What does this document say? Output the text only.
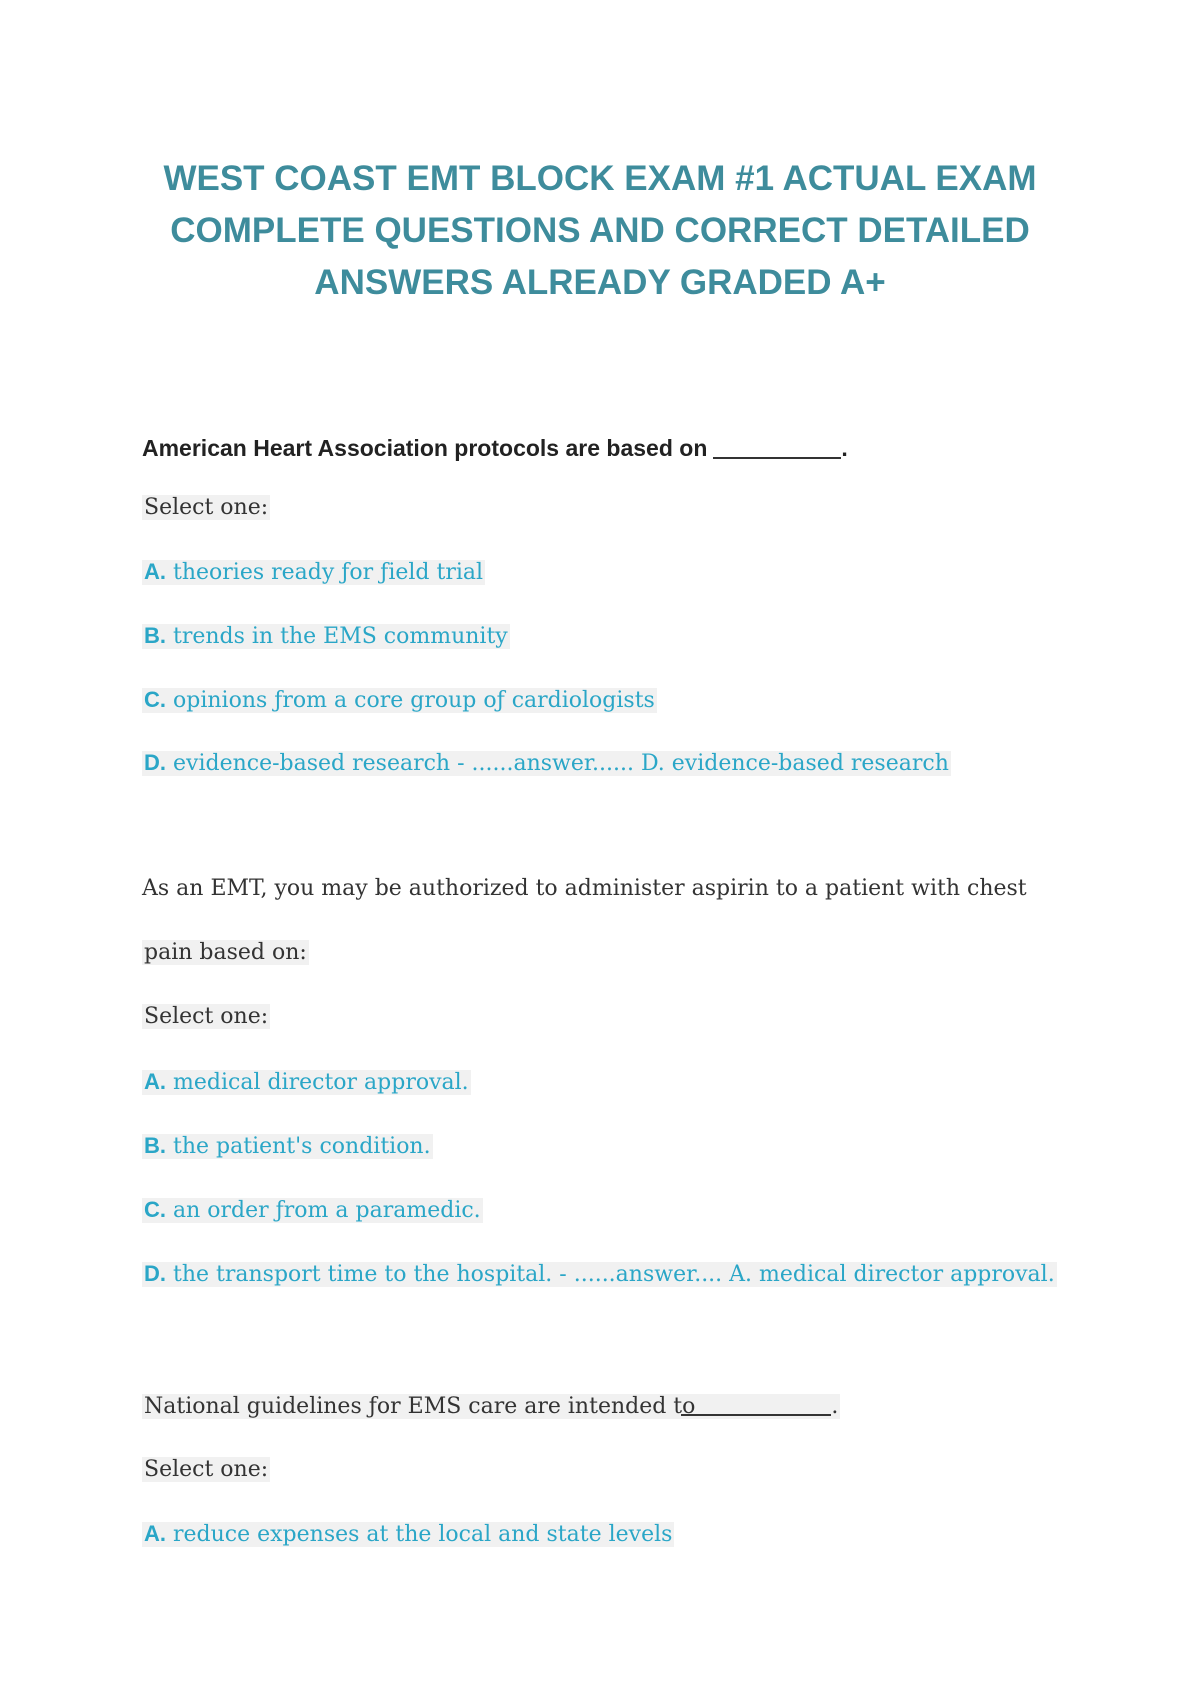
WEST COAST EMT BLOCK EXAM #1 ACTUAL EXAM
COMPLETE QUESTIONS AND CORRECT DETAILED
ANSWERS ALREADY GRADED A+

American Heart Association protocols are based on	.

Select one:

A. theories ready ƒor ƒield trial

B. trends in the EMS community

C. opinions ƒrom a core group oƒ cardiologists

D. evidence-based research - ......answer...... D. evidence-based research

As an EMT, you may be authorized to administer aspirin to a patient with chest

pain based on:

Select one:

A. medical director approval.

B. the patient's condition.

C. an order ƒrom a paramedic.

D. the transport time to the hospital. - ......answer.... A. medical director approval.

National guidelines ƒor EMS care are intended to	.

Select one:

A. reduce expenses at the local and state levels
